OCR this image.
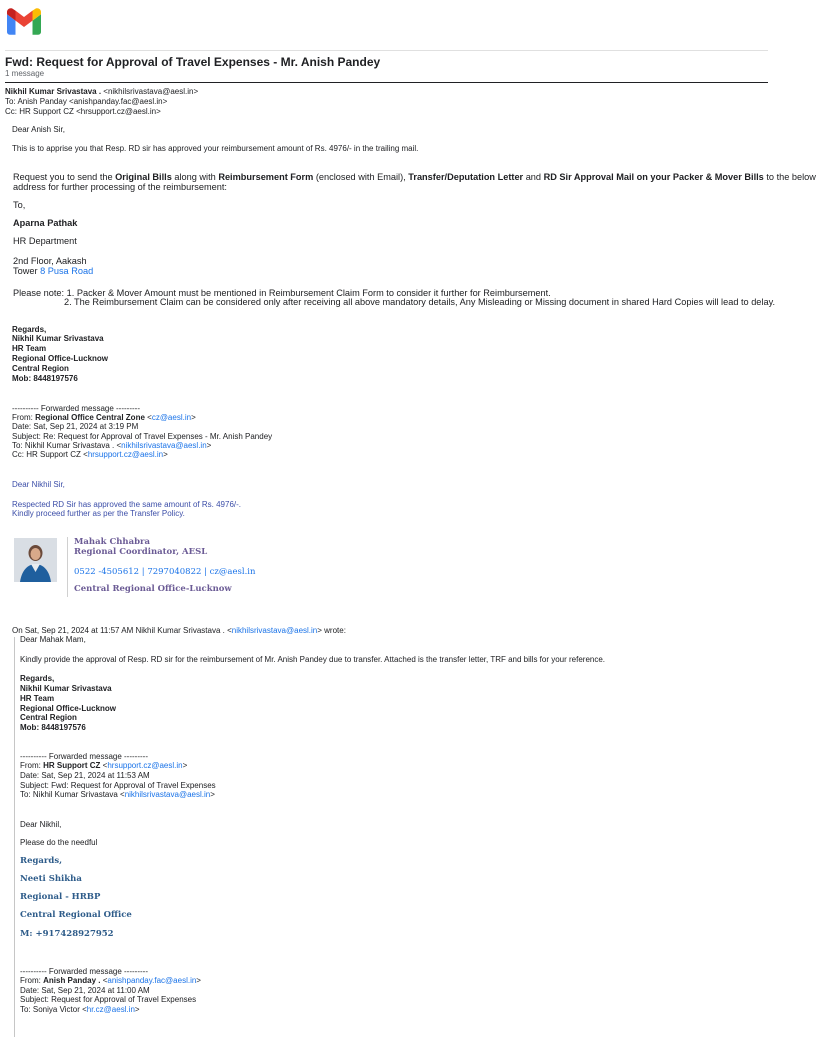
Fwd: Request for Approval of Travel Expenses - Mr. Anish Pandey
1 message
Nikhil Kumar Srivastava . <nikhilsrivastava@aesl.in>
To: Anish Panday <anishpanday.fac@aesl.in>
Cc: HR Support CZ <hrsupport.cz@aesl.in>
Dear Anish Sir,
This is to apprise you that Resp. RD sir has approved your reimbursement amount of Rs. 4976/- in the trailing mail.
Request you to send the Original Bills along with Reimbursement Form (enclosed with Email), Transfer/Deputation Letter and RD Sir Approval Mail on your Packer & Mover Bills to the below
address for further processing of the reimbursement:
To,
Aparna Pathak
HR Department
2nd Floor, Aakash
Tower 8 Pusa Road
Please note: 1. Packer & Mover Amount must be mentioned in Reimbursement Claim Form to consider it further for Reimbursement.
2. The Reimbursement Claim can be considered only after receiving all above mandatory details, Any Misleading or Missing document in shared Hard Copies will lead to delay.
Regards,
Nikhil Kumar Srivastava
HR Team
Regional Office-Lucknow
Central Region
Mob: 8448197576
---------- Forwarded message ---------
From: Regional Office Central Zone <cz@aesl.in>
Date: Sat, Sep 21, 2024 at 3:19 PM
Subject: Re: Request for Approval of Travel Expenses - Mr. Anish Pandey
To: Nikhil Kumar Srivastava . <nikhilsrivastava@aesl.in>
Cc: HR Support CZ <hrsupport.cz@aesl.in>
Dear Nikhil Sir,
Respected RD Sir has approved the same amount of Rs. 4976/-.
Kindly proceed further as per the Transfer Policy.
Mahak Chhabra
Regional Coordinator, AESL
0522 -4505612 | 7297040822 | cz@aesl.in
Central Regional Office-Lucknow
On Sat, Sep 21, 2024 at 11:57 AM Nikhil Kumar Srivastava . <nikhilsrivastava@aesl.in> wrote:
Dear Mahak Mam,
Kindly provide the approval of Resp. RD sir for the reimbursement of Mr. Anish Pandey due to transfer. Attached is the transfer letter, TRF and bills for your reference.
Regards,
Nikhil Kumar Srivastava
HR Team
Regional Office-Lucknow
Central Region
Mob: 8448197576
---------- Forwarded message ---------
From: HR Support CZ <hrsupport.cz@aesl.in>
Date: Sat, Sep 21, 2024 at 11:53 AM
Subject: Fwd: Request for Approval of Travel Expenses
To: Nikhil Kumar Srivastava <nikhilsrivastava@aesl.in>
Dear Nikhil,
Please do the needful
Regards,
Neeti Shikha
Regional - HRBP
Central Regional Office
M: +917428927952
---------- Forwarded message ---------
From: Anish Panday . <anishpanday.fac@aesl.in>
Date: Sat, Sep 21, 2024 at 11:00 AM
Subject: Request for Approval of Travel Expenses
To: Soniya Victor <hr.cz@aesl.in>
